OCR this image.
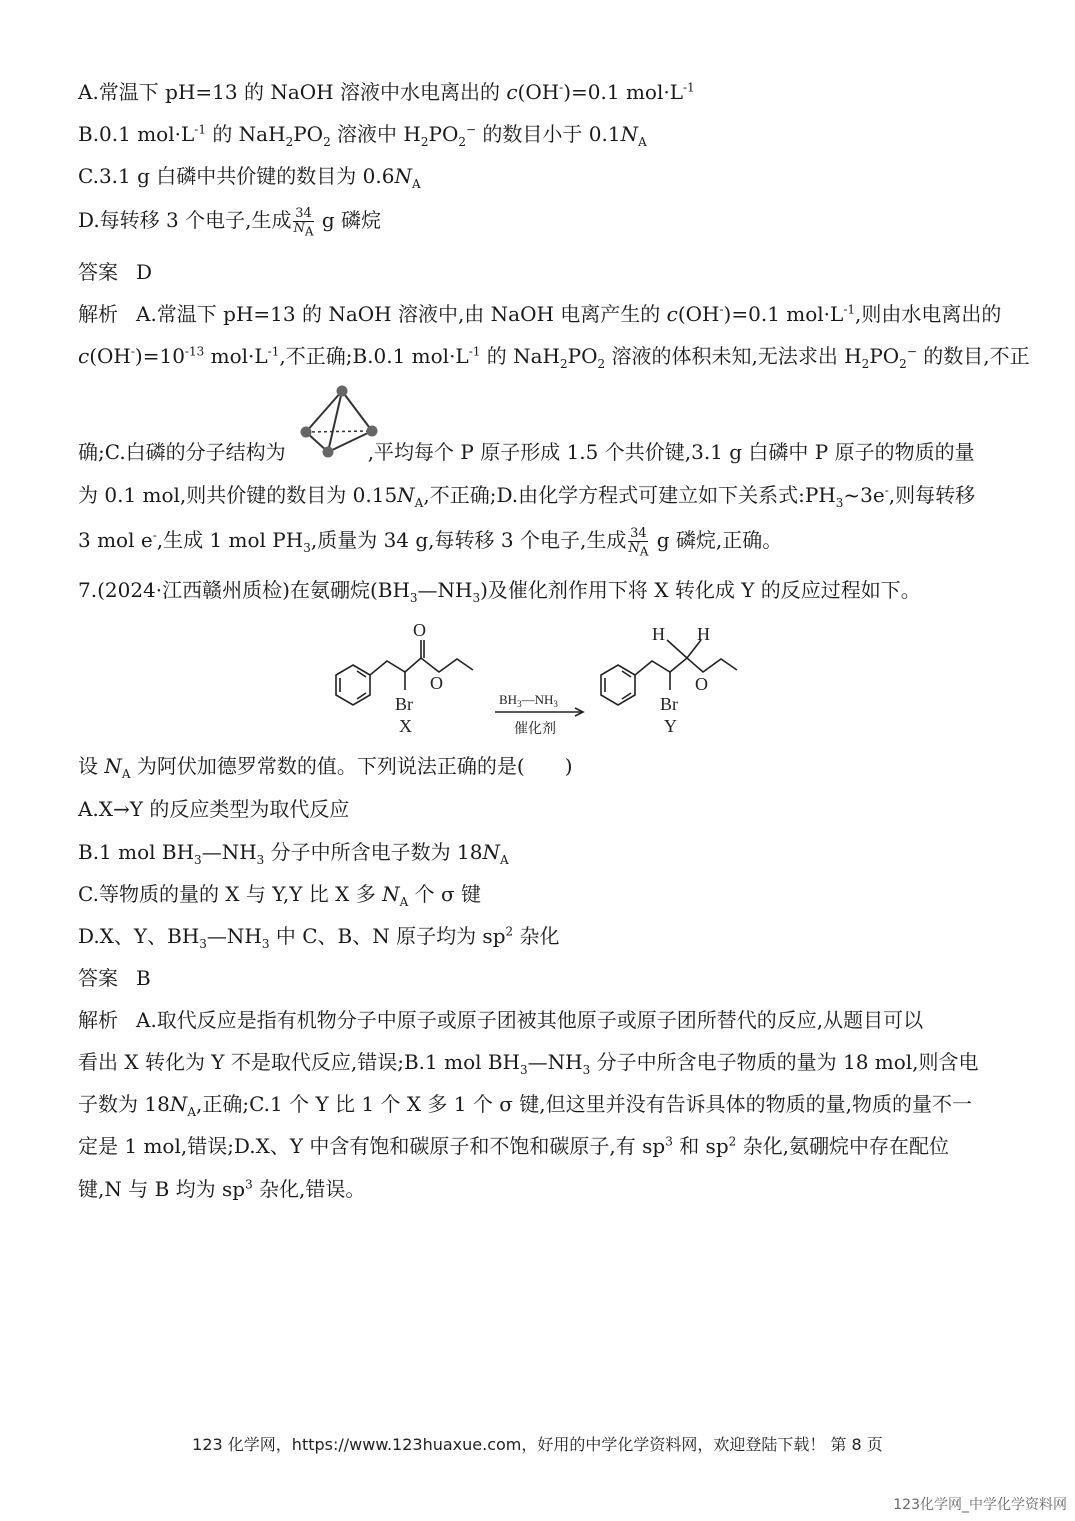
A.常温下 pH=13 的 NaOH 溶液中水电离出的 c(OH-)=0.1 $mol\cdot L^{-1}$
B.0.1 $mol\cdot L^{-1}$ 的 $NaH_2PO_2$ 溶液中 $H_2PO_2^-$ 的数目小于 $0.1N_A$
C.3.1 g 白磷中共价键的数目为 $0.6N_A$
D.每转移 3 个电子,生成 $\frac{34}{N_A}$ g 磷烷
答案 D
解析 A.常温下 pH=13 的 NaOH 溶液中,由 NaOH 电离产生的 c(OH-)=0.1 $mol\cdot L^{-1}$,则由水电离出的
$c(OH^-)=10^{-13}$ $mol\cdot L^{-1}$,不正确;B.0.1 $mol\cdot L^{-1}$ 的 $NaH_2PO_2$ 溶液的体积未知,无法求出 $H_2PO_2^-$ 的数目,不正
确;C.白磷的分子结构为	,平均每个 P 原子形成 1.5 个共价键,3.1 g 白磷中 P 原子的物质的量
为 0.1 mol,则共价键的数目为 $0.15N_A$,不正确;D.由化学方程式可建立如下关系式$:PH_3\sim 3e^-$,则每转移
3 mol e-,生成 1 mol $PH_3$,质量为 34 g,每转移 3 个电子,生成 $\frac{34}{N_A}$ g 磷烷,正确。
7.(2024·江西赣州质检)在氨硼烷$(BH_3—NH_3)$及催化剂作用下将 X 转化成 Y 的反应过程如下。
O
O
Br
X
H H
O
Br
Y
$BH_3—NH_3$
催化剂
设 $N_A$ 为阿伏加德罗常数的值。下列说法正确的是(　　)
A.X→Y 的反应类型为取代反应
B.1 mol $BH_3—NH_3$ 分子中所含电子数为 $18N_A$
C.等物质的量的 X 与 Y,Y 比 X 多 $N_A$ 个 σ 键
D.X、Y、$BH_3—NH_3$ 中 C、B、N 原子均为 $sp^2$ 杂化
答案 B
解析 A.取代反应是指有机物分子中原子或原子团被其他原子或原子团所替代的反应,从题目可以
看出 X 转化为 Y 不是取代反应,错误;B.1 mol $BH_3—NH_3$ 分子中所含电子物质的量为 18 mol,则含电
子数为 $18N_A$,正确;C.1 个 Y 比 1 个 X 多 1 个 σ 键,但这里并没有告诉具体的物质的量,物质的量不一
定是 1 mol,错误;D.X、Y 中含有饱和碳原子和不饱和碳原子,有 $sp^3$ 和 $sp^2$ 杂化,氨硼烷中存在配位
键,N 与 B 均为 $sp^3$ 杂化,错误。
123 化学网，https://www.123huaxue.com，好用的中学化学资料网，欢迎登陆下载！ 第 8 页
123化学网_中学化学资料网
